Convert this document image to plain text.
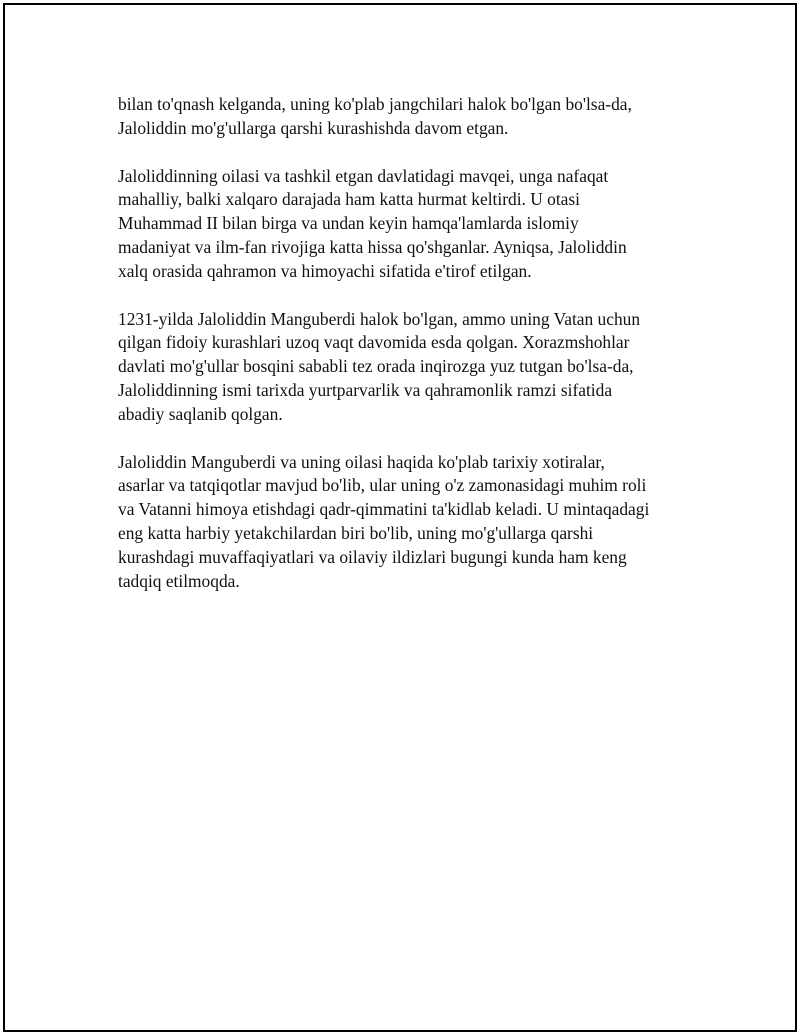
bilan to'qnash kelganda, uning ko'plab jangchilari halok bo'lgan bo'lsa-da,
Jaloliddin mo'g'ullarga qarshi kurashishda davom etgan.

Jaloliddinning oilasi va tashkil etgan davlatidagi mavqei, unga nafaqat
mahalliy, balki xalqaro darajada ham katta hurmat keltirdi. U otasi
Muhammad II bilan birga va undan keyin hamqa'lamlarda islomiy
madaniyat va ilm-fan rivojiga katta hissa qo'shganlar. Ayniqsa, Jaloliddin
xalq orasida qahramon va himoyachi sifatida e'tirof etilgan.

1231-yilda Jaloliddin Manguberdi halok bo'lgan, ammo uning Vatan uchun
qilgan fidoiy kurashlari uzoq vaqt davomida esda qolgan. Xorazmshohlar
davlati mo'g'ullar bosqini sababli tez orada inqirozga yuz tutgan bo'lsa-da,
Jaloliddinning ismi tarixda yurtparvarlik va qahramonlik ramzi sifatida
abadiy saqlanib qolgan.

Jaloliddin Manguberdi va uning oilasi haqida ko'plab tarixiy xotiralar,
asarlar va tatqiqotlar mavjud bo'lib, ular uning o'z zamonasidagi muhim roli
va Vatanni himoya etishdagi qadr-qimmatini ta'kidlab keladi. U mintaqadagi
eng katta harbiy yetakchilardan biri bo'lib, uning mo'g'ullarga qarshi
kurashdagi muvaffaqiyatlari va oilaviy ildizlari bugungi kunda ham keng
tadqiq etilmoqda.
